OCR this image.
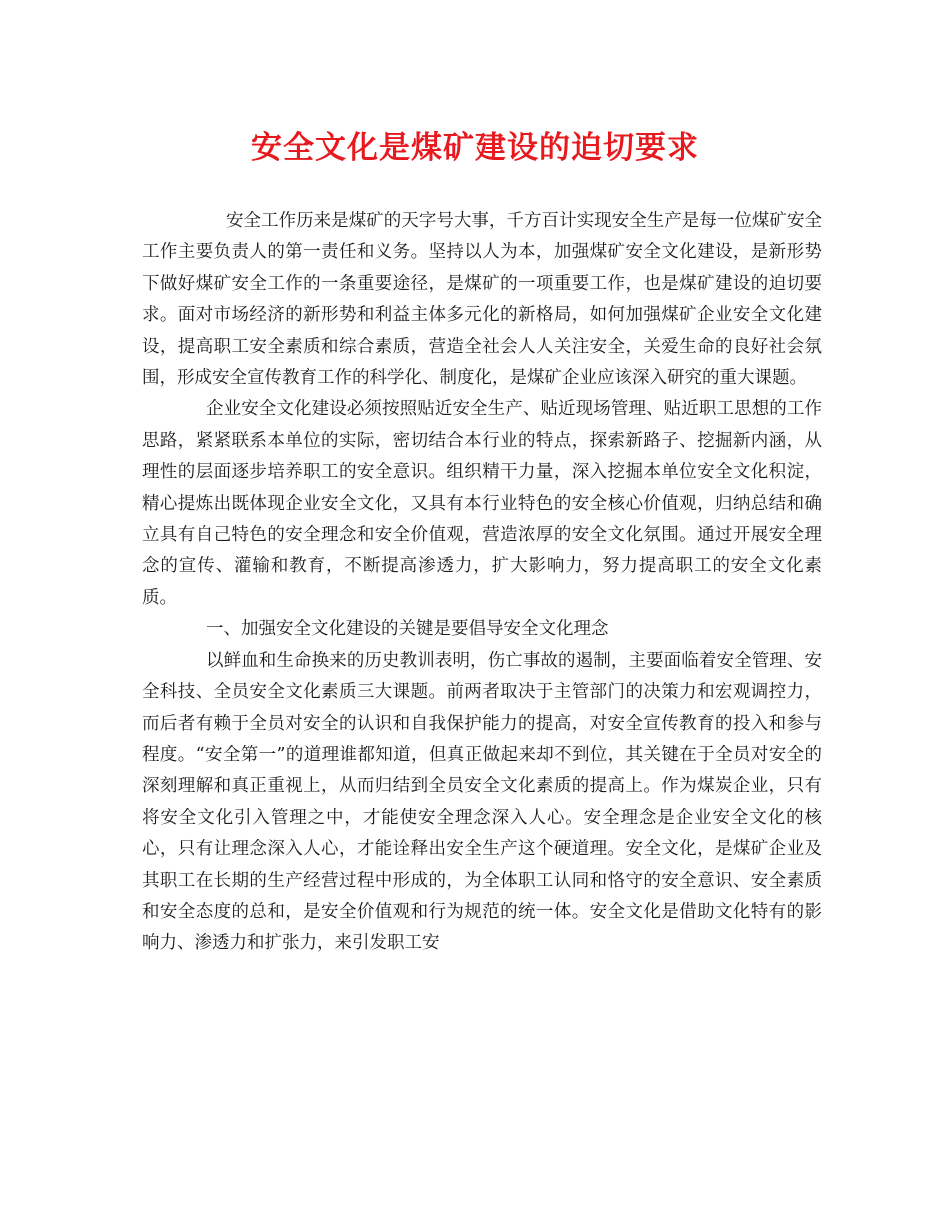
安全文化是煤矿建设的迫切要求

安全工作历来是煤矿的天字号大事，千方百计实现安全生产是每一位煤矿安全工作主要负责人的第一责任和义务。坚持以人为本，加强煤矿安全文化建设，是新形势下做好煤矿安全工作的一条重要途径，是煤矿的一项重要工作，也是煤矿建设的迫切要求。面对市场经济的新形势和利益主体多元化的新格局，如何加强煤矿企业安全文化建设，提高职工安全素质和综合素质，营造全社会人人关注安全，关爱生命的良好社会氛围，形成安全宣传教育工作的科学化、制度化，是煤矿企业应该深入研究的重大课题。

企业安全文化建设必须按照贴近安全生产、贴近现场管理、贴近职工思想的工作思路，紧紧联系本单位的实际，密切结合本行业的特点，探索新路子、挖掘新内涵，从理性的层面逐步培养职工的安全意识。组织精干力量，深入挖掘本单位安全文化积淀，精心提炼出既体现企业安全文化，又具有本行业特色的安全核心价值观，归纳总结和确立具有自己特色的安全理念和安全价值观，营造浓厚的安全文化氛围。通过开展安全理念的宣传、灌输和教育，不断提高渗透力，扩大影响力，努力提高职工的安全文化素质。

一、加强安全文化建设的关键是要倡导安全文化理念

以鲜血和生命换来的历史教训表明，伤亡事故的遏制，主要面临着安全管理、安全科技、全员安全文化素质三大课题。前两者取决于主管部门的决策力和宏观调控力，而后者有赖于全员对安全的认识和自我保护能力的提高，对安全宣传教育的投入和参与程度。“安全第一”的道理谁都知道，但真正做起来却不到位，其关键在于全员对安全的深刻理解和真正重视上，从而归结到全员安全文化素质的提高上。作为煤炭企业，只有将安全文化引入管理之中，才能使安全理念深入人心。安全理念是企业安全文化的核心，只有让理念深入人心，才能诠释出安全生产这个硬道理。安全文化，是煤矿企业及其职工在长期的生产经营过程中形成的，为全体职工认同和恪守的安全意识、安全素质和安全态度的总和，是安全价值观和行为规范的统一体。安全文化是借助文化特有的影响力、渗透力和扩张力，来引发职工安
